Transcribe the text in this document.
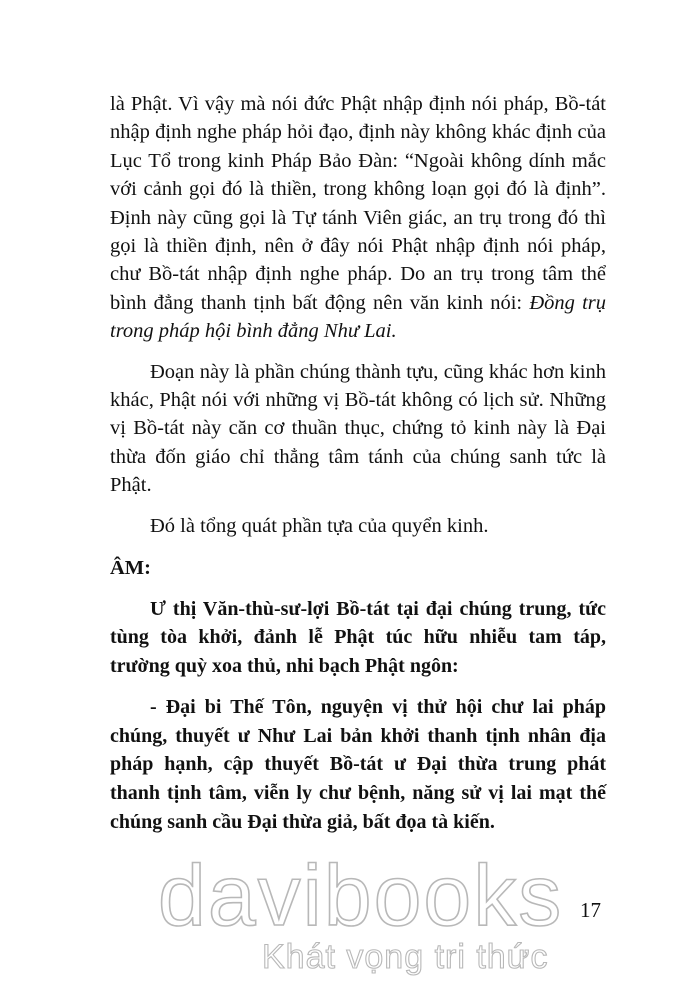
là Phật. Vì vậy mà nói đức Phật nhập định nói pháp, Bồ-tát nhập định nghe pháp hỏi đạo, định này không khác định của Lục Tổ trong kinh Pháp Bảo Đàn: “Ngoài không dính mắc với cảnh gọi đó là thiền, trong không loạn gọi đó là định”. Định này cũng gọi là Tự tánh Viên giác, an trụ trong đó thì gọi là thiền định, nên ở đây nói Phật nhập định nói pháp, chư Bồ-tát nhập định nghe pháp. Do an trụ trong tâm thể bình đẳng thanh tịnh bất động nên văn kinh nói: Đồng trụ trong pháp hội bình đẳng Như Lai.

Đoạn này là phần chúng thành tựu, cũng khác hơn kinh khác, Phật nói với những vị Bồ-tát không có lịch sử. Những vị Bồ-tát này căn cơ thuần thục, chứng tỏ kinh này là Đại thừa đốn giáo chỉ thẳng tâm tánh của chúng sanh tức là Phật.

Đó là tổng quát phần tựa của quyển kinh.

ÂM:

Ư thị Văn-thù-sư-lợi Bồ-tát tại đại chúng trung, tức tùng tòa khởi, đảnh lễ Phật túc hữu nhiễu tam táp, trường quỳ xoa thủ, nhi bạch Phật ngôn:

- Đại bi Thế Tôn, nguyện vị thử hội chư lai pháp chúng, thuyết ư Như Lai bản khởi thanh tịnh nhân địa pháp hạnh, cập thuyết Bồ-tát ư Đại thừa trung phát thanh tịnh tâm, viễn ly chư bệnh, năng sử vị lai mạt thế chúng sanh cầu Đại thừa giả, bất đọa tà kiến.

davibooks
Khát vọng tri thức
17
